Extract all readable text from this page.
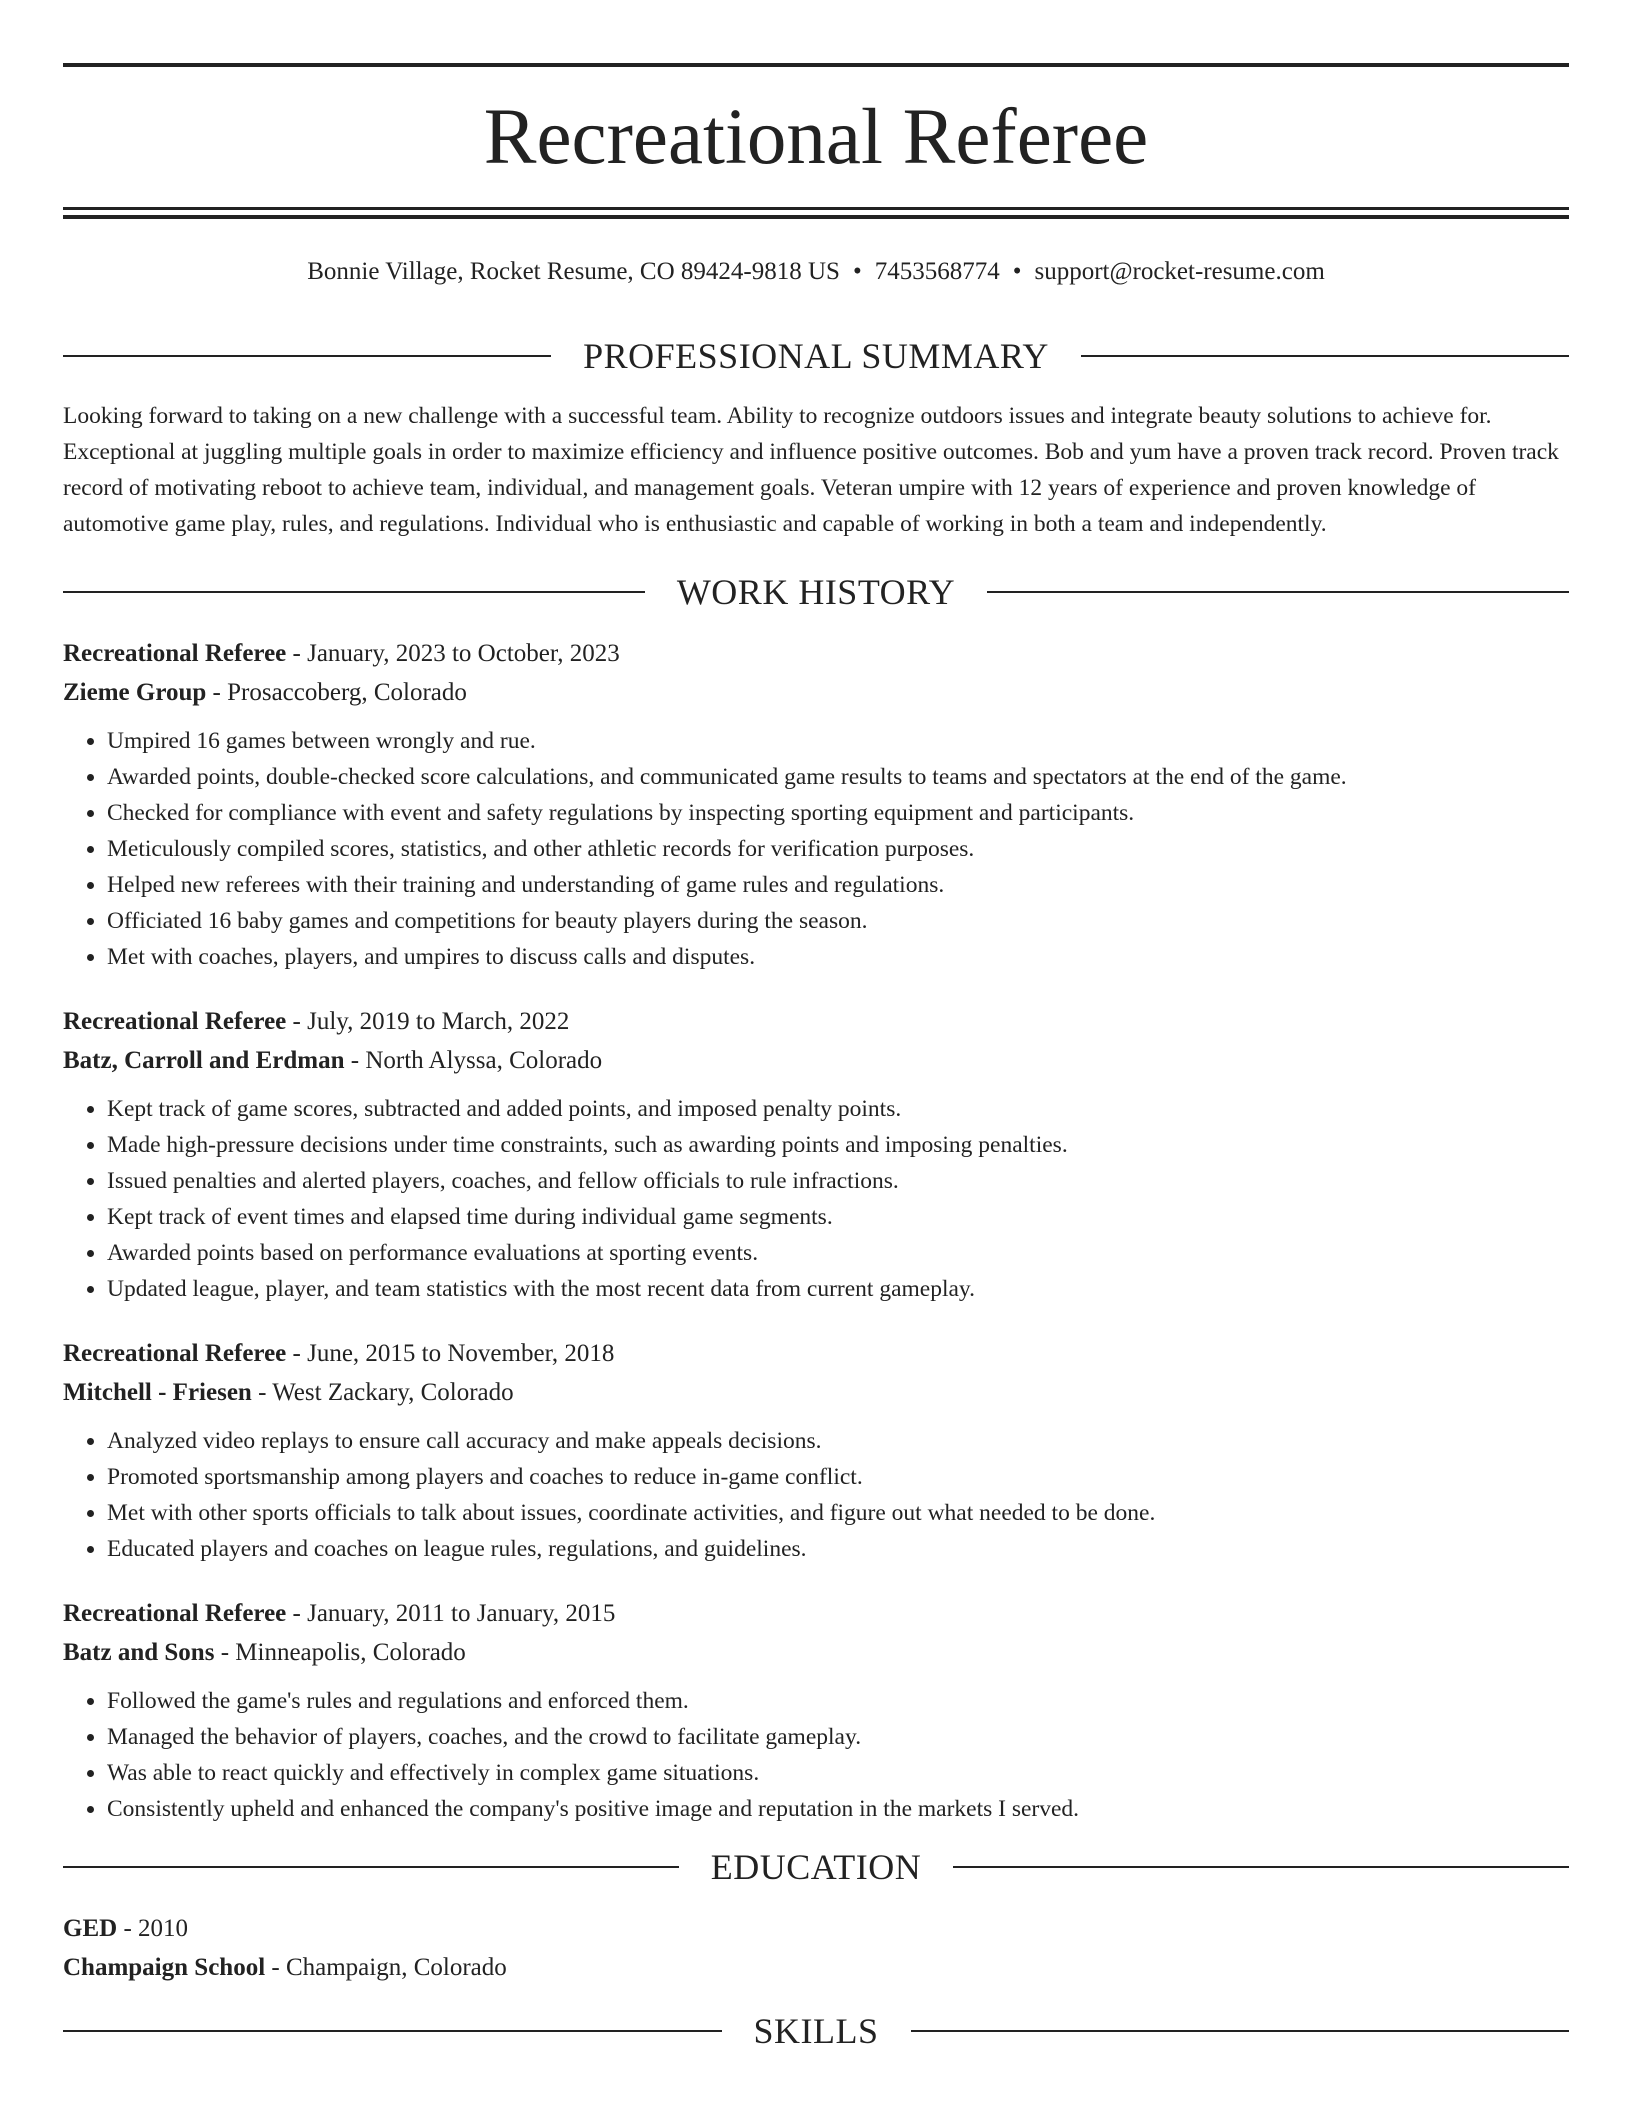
Recreational Referee
Bonnie Village, Rocket Resume, CO 89424-9818 US • 7453568774 • support@rocket-resume.com
PROFESSIONAL SUMMARY

Looking forward to taking on a new challenge with a successful team. Ability to recognize outdoors issues and integrate beauty solutions to achieve for. Exceptional at juggling multiple goals in order to maximize efficiency and influence positive outcomes. Bob and yum have a proven track record. Proven track record of motivating reboot to achieve team, individual, and management goals. Veteran umpire with 12 years of experience and proven knowledge of automotive game play, rules, and regulations. Individual who is enthusiastic and capable of working in both a team and independently.

WORK HISTORY
Recreational Referee - January, 2023 to October, 2023
Zieme Group - Prosaccoberg, Colorado
• Umpired 16 games between wrongly and rue.
• Awarded points, double-checked score calculations, and communicated game results to teams and spectators at the end of the game.
• Checked for compliance with event and safety regulations by inspecting sporting equipment and participants.
• Meticulously compiled scores, statistics, and other athletic records for verification purposes.
• Helped new referees with their training and understanding of game rules and regulations.
• Officiated 16 baby games and competitions for beauty players during the season.
• Met with coaches, players, and umpires to discuss calls and disputes.
Recreational Referee - July, 2019 to March, 2022
Batz, Carroll and Erdman - North Alyssa, Colorado
• Kept track of game scores, subtracted and added points, and imposed penalty points.
• Made high-pressure decisions under time constraints, such as awarding points and imposing penalties.
• Issued penalties and alerted players, coaches, and fellow officials to rule infractions.
• Kept track of event times and elapsed time during individual game segments.
• Awarded points based on performance evaluations at sporting events.
• Updated league, player, and team statistics with the most recent data from current gameplay.
Recreational Referee - June, 2015 to November, 2018
Mitchell - Friesen - West Zackary, Colorado
• Analyzed video replays to ensure call accuracy and make appeals decisions.
• Promoted sportsmanship among players and coaches to reduce in-game conflict.
• Met with other sports officials to talk about issues, coordinate activities, and figure out what needed to be done.
• Educated players and coaches on league rules, regulations, and guidelines.
Recreational Referee - January, 2011 to January, 2015
Batz and Sons - Minneapolis, Colorado
• Followed the game's rules and regulations and enforced them.
• Managed the behavior of players, coaches, and the crowd to facilitate gameplay.
• Was able to react quickly and effectively in complex game situations.
• Consistently upheld and enhanced the company's positive image and reputation in the markets I served.
EDUCATION
GED - 2010
Champaign School - Champaign, Colorado
SKILLS
